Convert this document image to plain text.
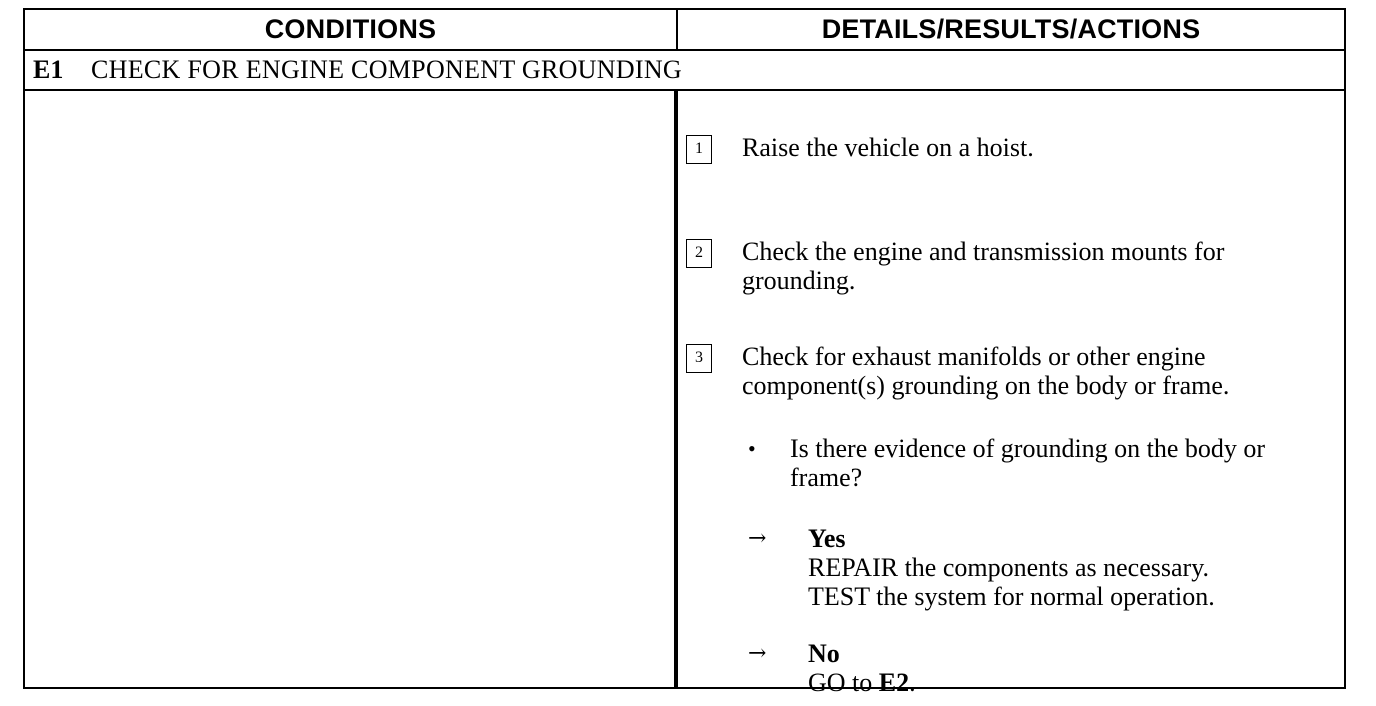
CONDITIONS	DETAILS/RESULTS/ACTIONS
E1	CHECK FOR ENGINE COMPONENT GROUNDING
1	Raise the vehicle on a hoist.
2	Check the engine and transmission mounts for grounding.
3	Check for exhaust manifolds or other engine component(s) grounding on the body or frame.
• Is there evidence of grounding on the body or frame?
→ Yes
REPAIR the components as necessary.
TEST the system for normal operation.
→ No
GO to E2.
